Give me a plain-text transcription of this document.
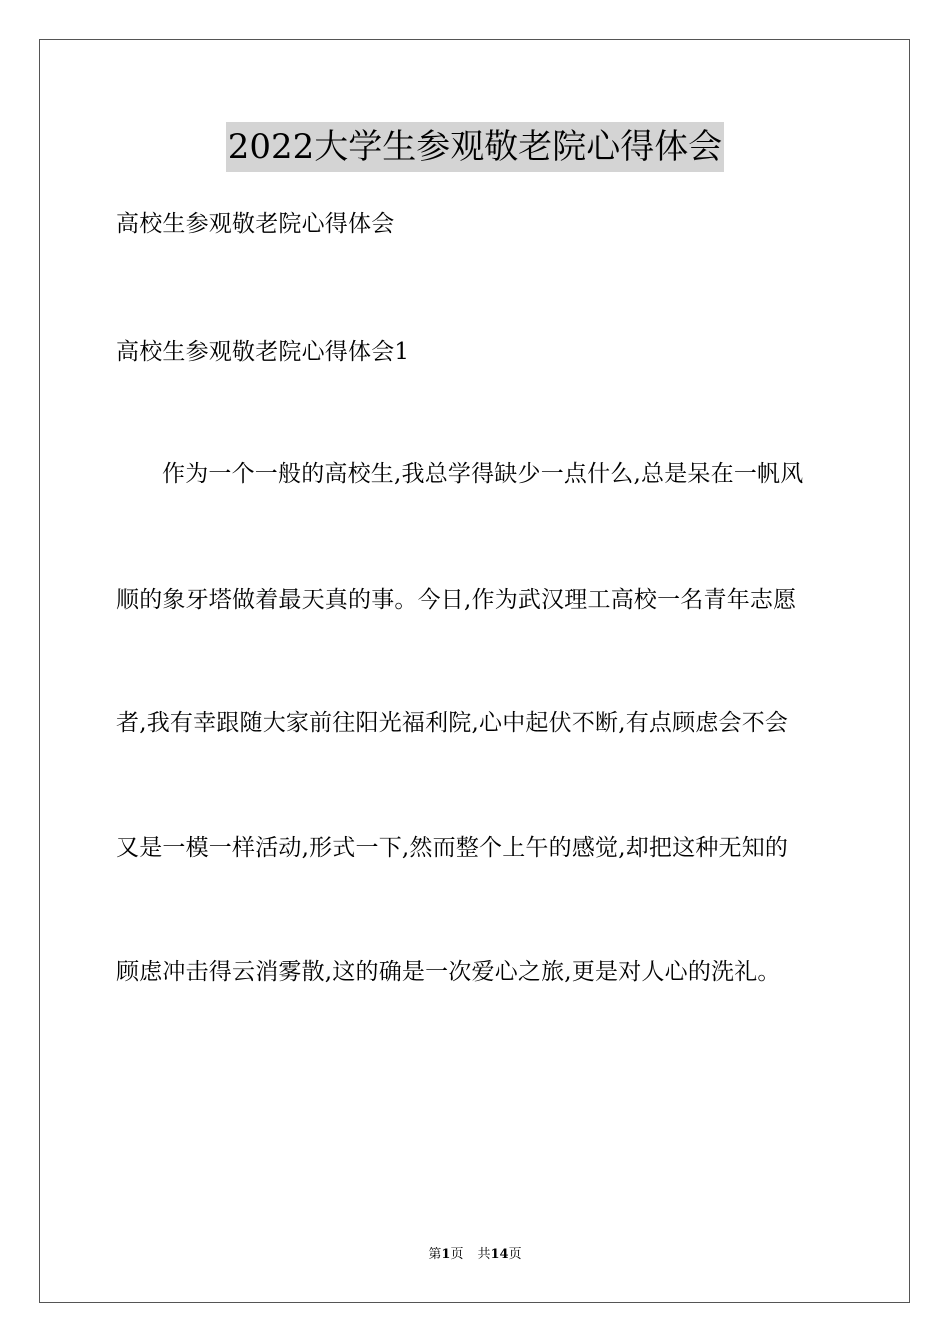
2022大学生参观敬老院心得体会
高校生参观敬老院心得体会
高校生参观敬老院心得体会1
作为一个一般的高校生,我总学得缺少一点什么,总是呆在一帆风
顺的象牙塔做着最天真的事。今日,作为武汉理工高校一名青年志愿
者,我有幸跟随大家前往阳光福利院,心中起伏不断,有点顾虑会不会
又是一模一样活动,形式一下,然而整个上午的感觉,却把这种无知的
顾虑冲击得云消雾散,这的确是一次爱心之旅,更是对人心的洗礼。
第1页 共14页
